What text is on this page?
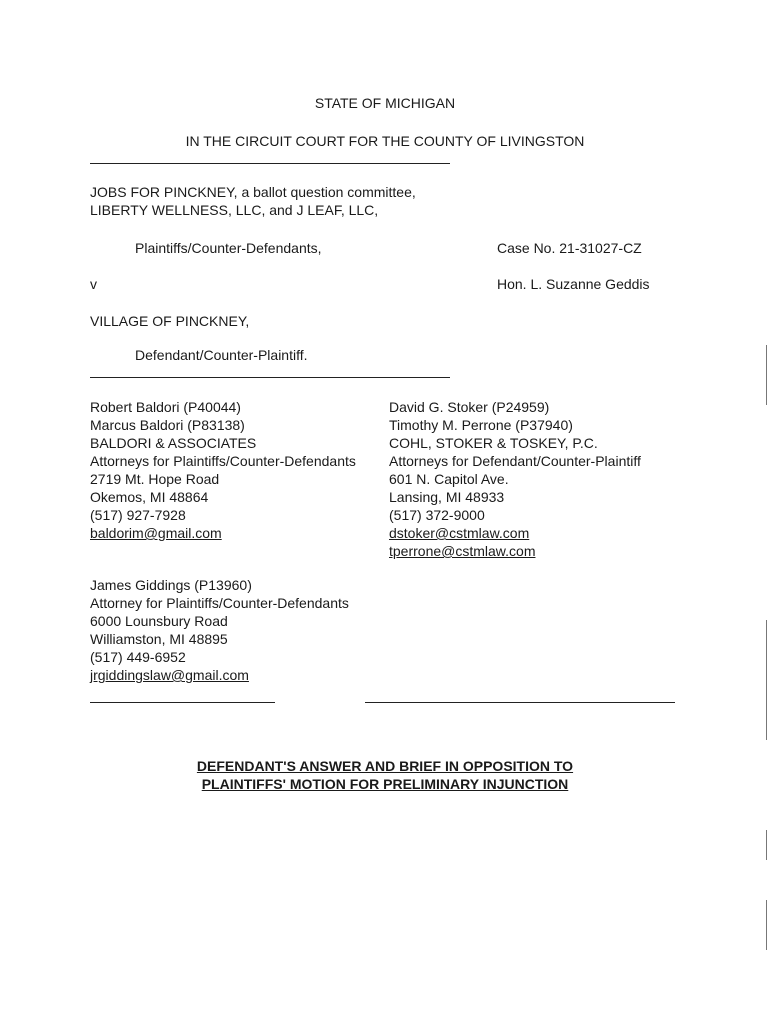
STATE OF MICHIGAN
IN THE CIRCUIT COURT FOR THE COUNTY OF LIVINGSTON
JOBS FOR PINCKNEY, a ballot question committee,
LIBERTY WELLNESS, LLC, and J LEAF, LLC,
Plaintiffs/Counter-Defendants,	Case No. 21-31027-CZ
v	Hon. L. Suzanne Geddis
VILLAGE OF PINCKNEY,
Defendant/Counter-Plaintiff.
Robert Baldori (P40044)
Marcus Baldori (P83138)
BALDORI & ASSOCIATES
Attorneys for Plaintiffs/Counter-Defendants
2719 Mt. Hope Road
Okemos, MI 48864
(517) 927-7928
baldorim@gmail.com
David G. Stoker (P24959)
Timothy M. Perrone (P37940)
COHL, STOKER & TOSKEY, P.C.
Attorneys for Defendant/Counter-Plaintiff
601 N. Capitol Ave.
Lansing, MI 48933
(517) 372-9000
dstoker@cstmlaw.com
tperrone@cstmlaw.com
James Giddings (P13960)
Attorney for Plaintiffs/Counter-Defendants
6000 Lounsbury Road
Williamston, MI 48895
(517) 449-6952
jrgiddingslaw@gmail.com
DEFENDANT'S ANSWER AND BRIEF IN OPPOSITION TO
PLAINTIFFS' MOTION FOR PRELIMINARY INJUNCTION
